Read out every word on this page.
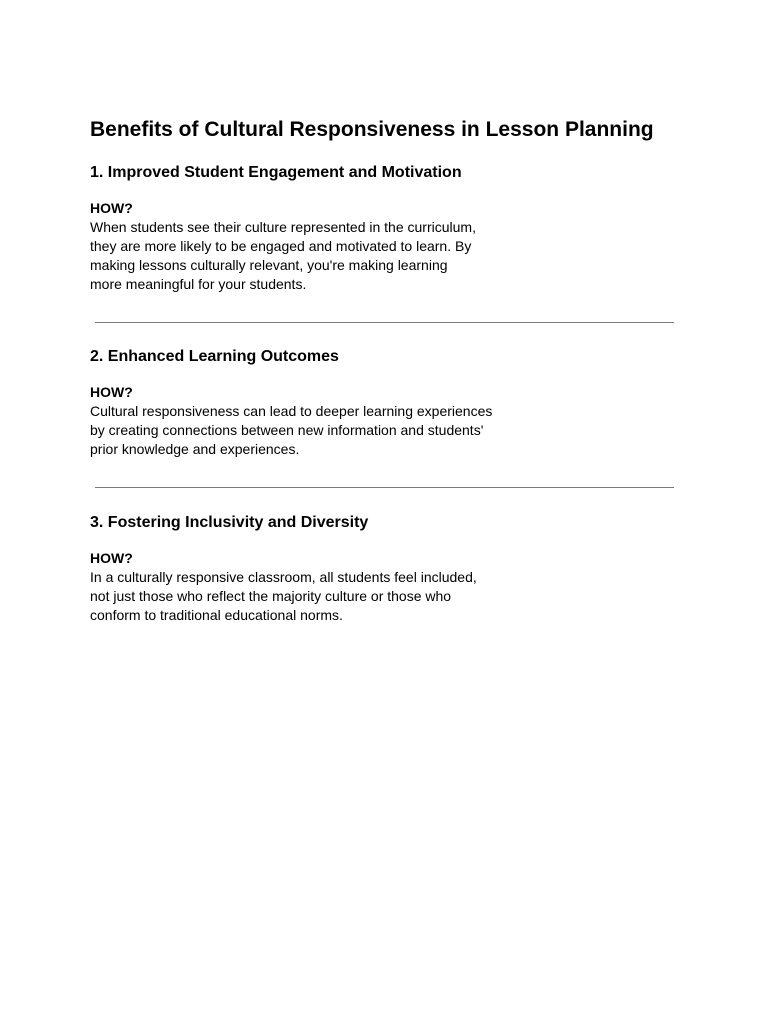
Benefits of Cultural Responsiveness in Lesson Planning
1. Improved Student Engagement and Motivation
HOW?

When students see their culture represented in the curriculum,
they are more likely to be engaged and motivated to learn. By
making lessons culturally relevant, you're making learning
more meaningful for your students.

2. Enhanced Learning Outcomes
HOW?

Cultural responsiveness can lead to deeper learning experiences
by creating connections between new information and students'
prior knowledge and experiences.

3. Fostering Inclusivity and Diversity
HOW?

In a culturally responsive classroom, all students feel included,
not just those who reflect the majority culture or those who
conform to traditional educational norms.
